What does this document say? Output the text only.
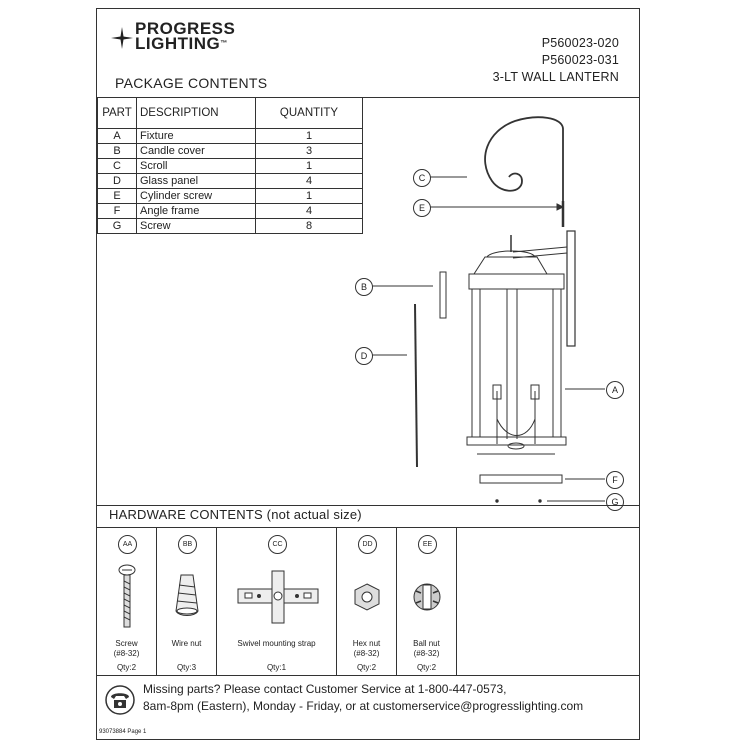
PROGRESS
LIGHTING ™	P560023-020
P560023-031
3-LT WALL LANTERN
PACKAGE CONTENTS
PART	DESCRIPTION	QUANTITY
A	Fixture	1
B	Candle cover	3
C	Scroll	1
D	Glass panel	4
E	Cylinder screw	1
F	Angle frame	4
G	Screw	8
C
E
B
D
A
F
G
HARDWARE CONTENTS (not actual size)
AA
Screw
(#8-32)
Qty:2
BB
Wire nut
Qty:3
CC
Swivel mounting strap
Qty:1
DD
Hex nut
(#8-32)
Qty:2
EE
Ball nut
(#8-32)
Qty:2
Missing parts? Please contact Customer Service at 1-800-447-0573,
8am-8pm (Eastern), Monday - Friday, or at customerservice@progresslighting.com
93073884 Page 1
